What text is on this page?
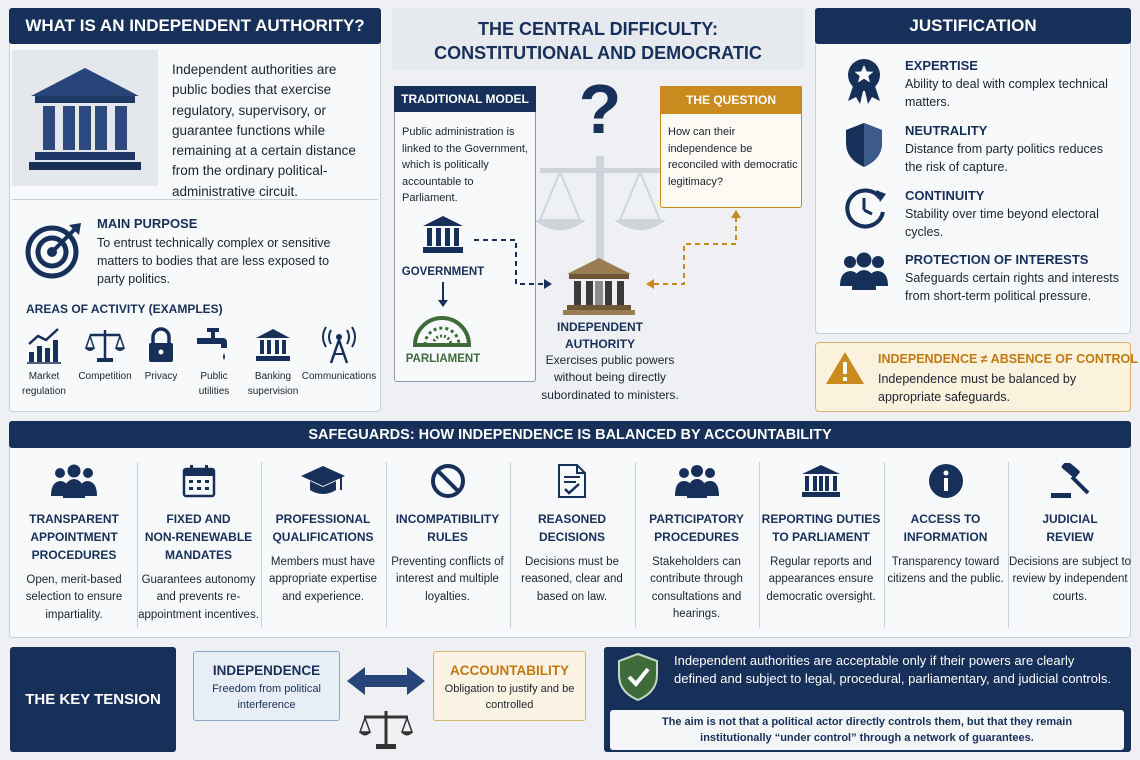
WHAT IS AN INDEPENDENT AUTHORITY?
Independent authorities are public bodies that exercise regulatory, supervisory, or guarantee functions while remaining at a certain distance from the ordinary political-administrative circuit.
MAIN PURPOSE
To entrust technically complex or sensitive matters to bodies that are less exposed to party politics.
AREAS OF ACTIVITY (EXAMPLES)
Market
regulation
Competition	Privacy	Public
utilities
Banking
supervision
Communications
THE CENTRAL DIFFICULTY:
CONSTITUTIONAL AND DEMOCRATIC
?
TRADITIONAL MODEL
Public administration is linked to the Government, which is politically accountable to Parliament.
GOVERNMENT
PARLIAMENT
INDEPENDENT
AUTHORITY
Exercises public powers without being directly subordinated to ministers.
THE QUESTION
How can their independence be reconciled with democratic legitimacy?
JUSTIFICATION
EXPERTISE
Ability to deal with complex technical matters.
NEUTRALITY
Distance from party politics reduces the risk of capture.
CONTINUITY
Stability over time beyond electoral cycles.
PROTECTION OF INTERESTS
Safeguards certain rights and interests from short-term political pressure.
INDEPENDENCE ≠ ABSENCE OF CONTROL
Independence must be balanced by appropriate safeguards.
SAFEGUARDS: HOW INDEPENDENCE IS BALANCED BY ACCOUNTABILITY
THE KEY TENSION
INDEPENDENCE
Freedom from political interference
ACCOUNTABILITY
Obligation to justify and be controlled
Independent authorities are acceptable only if their powers are clearly defined and subject to legal, procedural, parliamentary, and judicial controls.
The aim is not that a political actor directly controls them, but that they remain institutionally “under control” through a network of guarantees.
TRANSPARENT
APPOINTMENT
PROCEDURES
Open, merit-based selection to ensure impartiality.
FIXED AND
NON-RENEWABLE
MANDATES
Guarantees autonomy and prevents re-appointment incentives.
PROFESSIONAL
QUALIFICATIONS
Members must have appropriate expertise and experience.
INCOMPATIBILITY
RULES
Preventing conflicts of interest and multiple loyalties.
REASONED
DECISIONS
Decisions must be reasoned, clear and based on law.
PARTICIPATORY
PROCEDURES
Stakeholders can contribute through consultations and hearings.
REPORTING DUTIES
TO PARLIAMENT
Regular reports and appearances ensure democratic oversight.
ACCESS TO
INFORMATION
Transparency toward citizens and the public.
JUDICIAL
REVIEW
Decisions are subject to review by independent courts.
